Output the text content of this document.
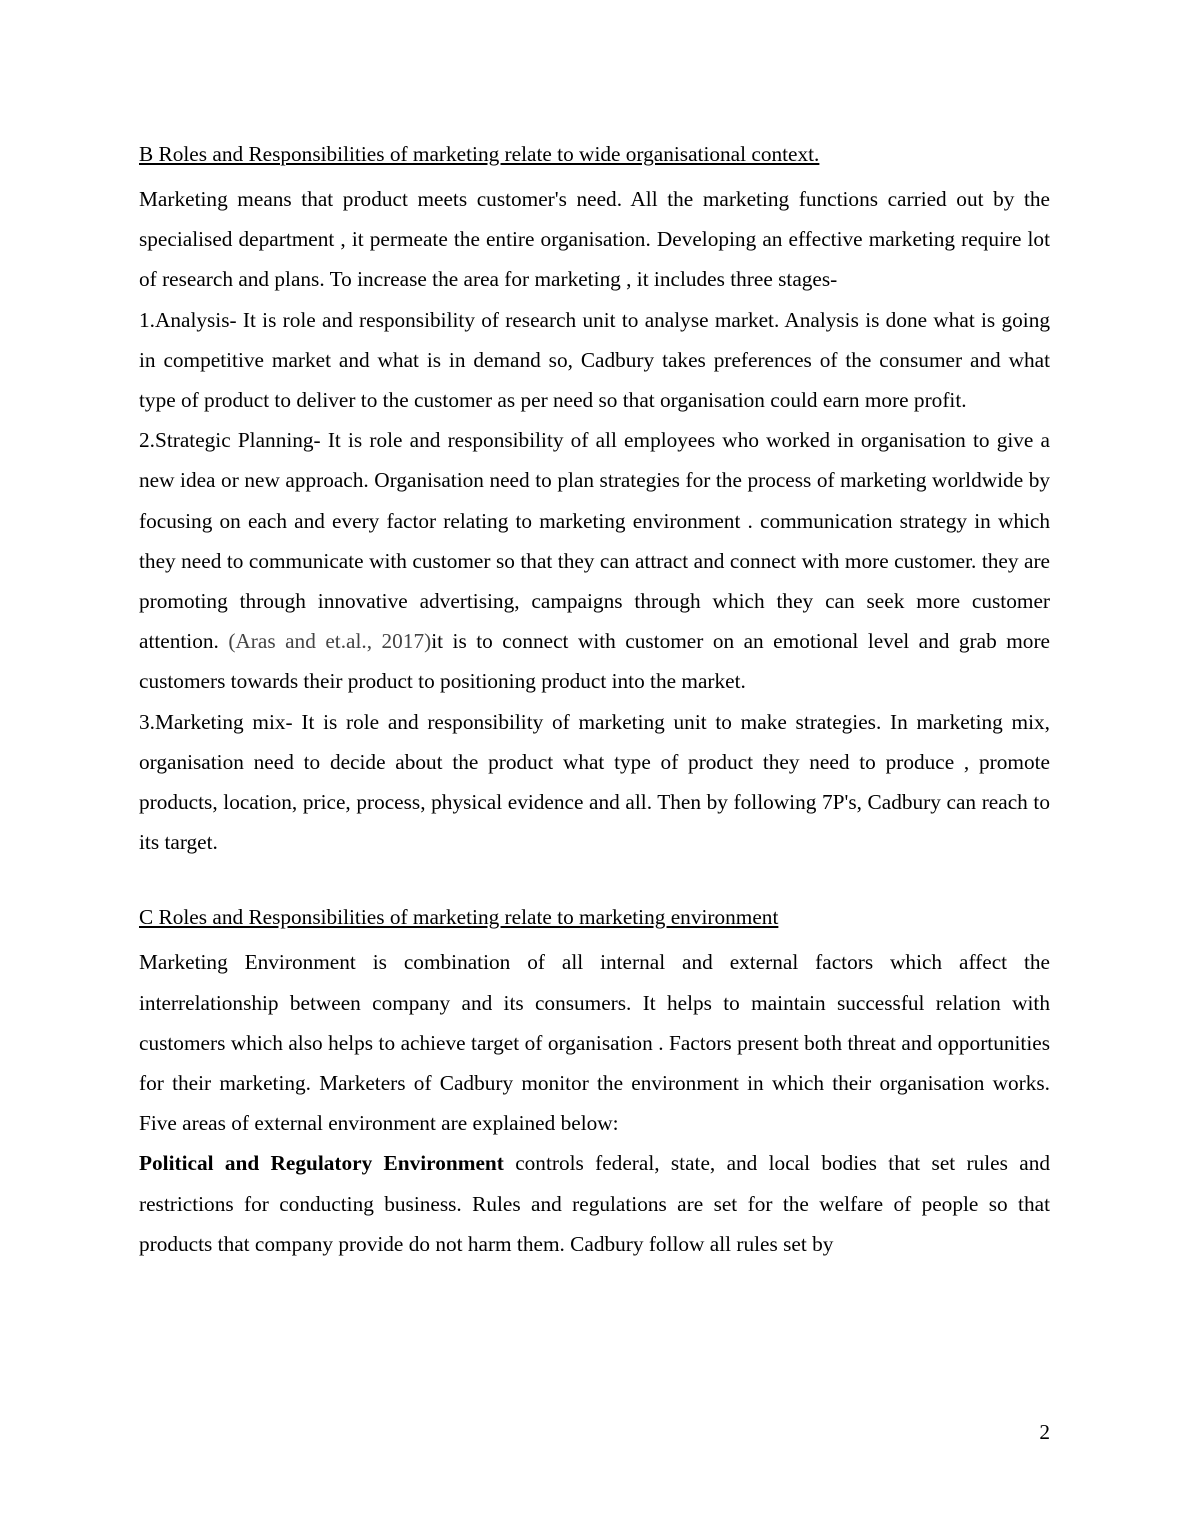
B Roles and Responsibilities of marketing relate to wide organisational context.

Marketing means that product meets customer's need. All the marketing functions carried out by the specialised department , it permeate the entire organisation. Developing an effective marketing require lot of research and plans. To increase the area for marketing , it includes three stages-

1.Analysis- It is role and responsibility of research unit to analyse market. Analysis is done what is going in competitive market and what is in demand so, Cadbury takes preferences of the consumer and what type of product to deliver to the customer as per need so that organisation could earn more profit.

2.Strategic Planning- It is role and responsibility of all employees who worked in organisation to give a new idea or new approach. Organisation need to plan strategies for the process of marketing worldwide by focusing on each and every factor relating to marketing environment . communication strategy in which they need to communicate with customer so that they can attract and connect with more customer. they are promoting through innovative advertising, campaigns through which they can seek more customer attention. (Aras and et.al., 2017)it is to connect with customer on an emotional level and grab more customers towards their product to positioning product into the market.

3.Marketing mix- It is role and responsibility of marketing unit to make strategies. In marketing mix, organisation need to decide about the product what type of product they need to produce , promote products, location, price, process, physical evidence and all. Then by following 7P's, Cadbury can reach to its target.

C Roles and Responsibilities of marketing relate to marketing environment

Marketing Environment is combination of all internal and external factors which affect the interrelationship between company and its consumers. It helps to maintain successful relation with customers which also helps to achieve target of organisation . Factors present both threat and opportunities for their marketing. Marketers of Cadbury monitor the environment in which their organisation works. Five areas of external environment are explained below:

Political and Regulatory Environment controls federal, state, and local bodies that set rules and restrictions for conducting business. Rules and regulations are set for the welfare of people so that products that company provide do not harm them. Cadbury follow all rules set by

2
